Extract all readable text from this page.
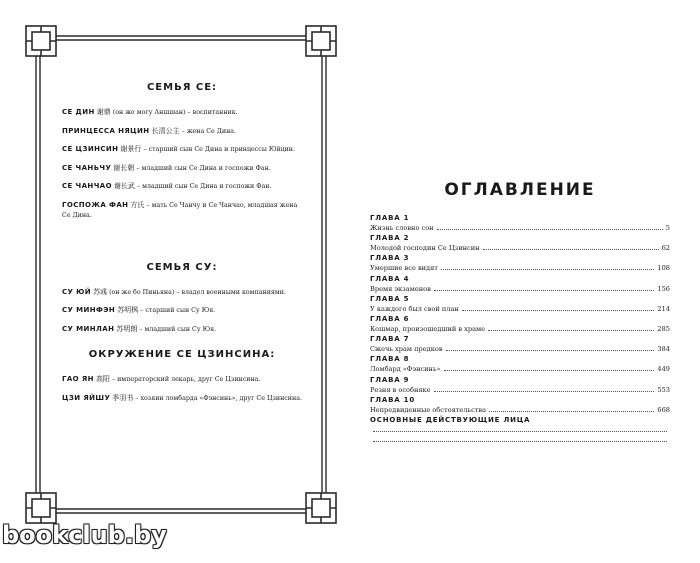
СЕМЬЯ СЕ:
СЕ ДИН 谢鼎 (он же могу Аншшан) – воспитанник.
ПРИНЦЕССА НЯЦИН 长清公主 – жена Се Дина.
СЕ ЦЗИНСИН 谢景行 – старший сын Се Дина и принцессы Юйцин.
СЕ ЧАНЬЧУ 谢长朝 – младший сын Се Дина и госпожи Фан.
СЕ ЧАНЧАО 谢长武 – младший сын Се Дина и госпожи Фан.
ГОСПОЖА ФАН 方氏 – мать Се Чанчу и Се Чанчао, младшая жена Се Дина.
СЕМЬЯ СУ:
СУ ЮЙ 苏彧 (он же бо Пиньяна) – владел военными компаниями.
СУ МИНФЭН 苏明枫 – старший сын Су Юя.
СУ МИНЛАН 苏明朗 – младший сын Су Юя.
ОКРУЖЕНИЕ СЕ ЦЗИНСИНА:
ГАО ЯН 高阳 – императорский лекарь, друг Се Цзинсина.
ЦЗИ ЯЙШУ 季羽书 – хозяин ломбарда «Фэнсинь», друг Се Цзинсина.
ОГЛАВЛЕНИЕ
ГЛАВА 1
Жизнь словно сон	5
ГЛАВА 2
Молодой господин Се Цзинсин	62
ГЛАВА 3
Умершие все видят	108
ГЛАВА 4
Время экзаменов	156
ГЛАВА 5
У каждого был свой план	214
ГЛАВА 6
Кошмар, произошедший в храме	285
ГЛАВА 7
Сжечь храм предков	384
ГЛАВА 8
Ломбард «Фэнсинь»	449
ГЛАВА 9
Резня в особняке	553
ГЛАВА 10
Непредвиденные обстоятельства	668
ОСНОВНЫЕ ДЕЙСТВУЮЩИЕ ЛИЦА
bookclub.by
